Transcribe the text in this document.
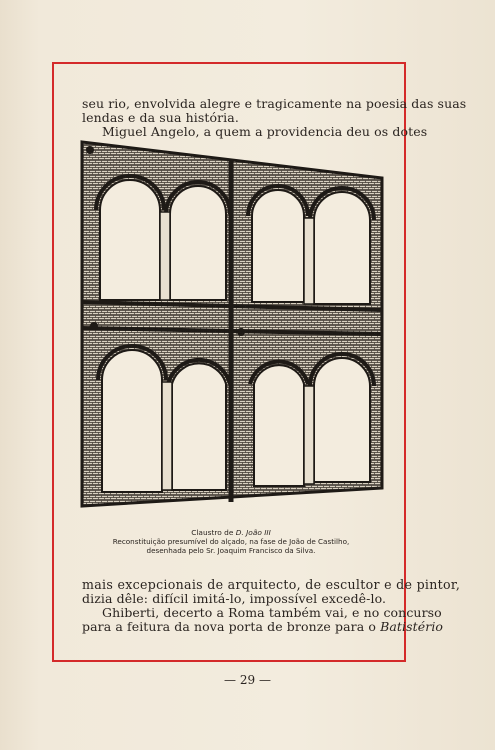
seu rio, envolvida alegre e tragicamente na poesia das suas
lendas e da sua história.
Miguel Angelo, a quem a providencia deu os dotes
Claustro de D. João III
Reconstituição presumível do alçado, na fase de João de Castilho,
desenhada pelo Sr. Joaquim Francisco da Silva.
mais excepcionais de arquitecto, de escultor e de pintor,
dizia dêle: difícil imitá-lo, impossível excedê-lo.
Ghiberti, decerto a Roma também vai, e no concurso
para a feitura da nova porta de bronze para o Batistério
— 29 —
